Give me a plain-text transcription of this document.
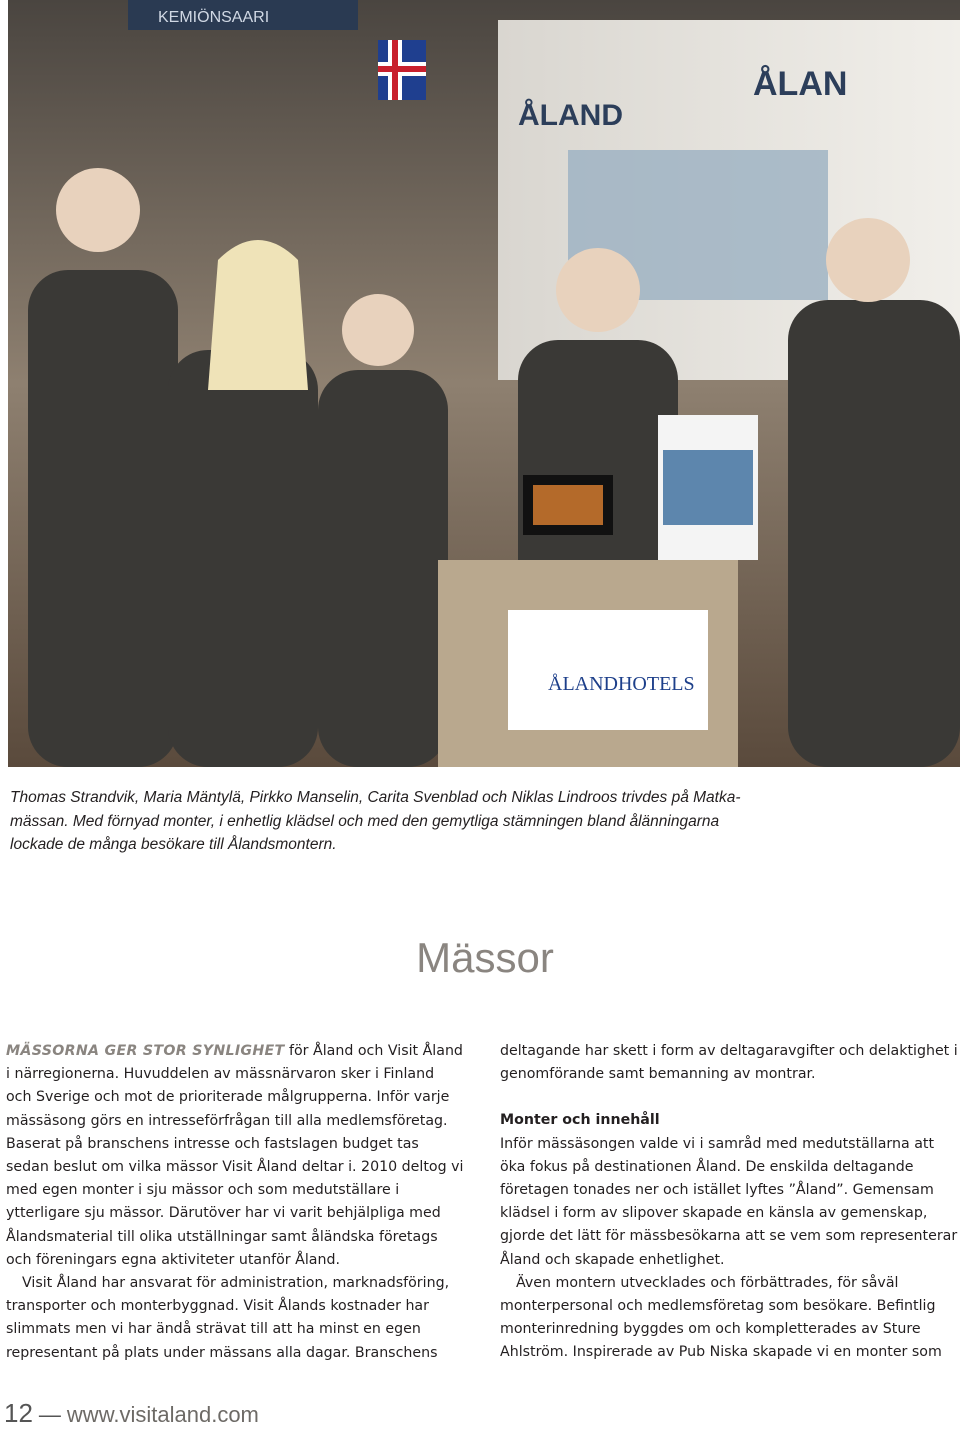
ÅLAND
ÅLAN
KEMIÖNSAARI
ÅLANDHOTELS
Thomas Strandvik, Maria Mäntylä, Pirkko Manselin, Carita Svenblad och Niklas Lindroos trivdes på Matka-
mässan. Med förnyad monter, i enhetlig klädsel och med den gemytliga stämningen bland ålänningarna
lockade de många besökare till Ålandsmontern.
Mässor

MÄSSORNA GER STOR SYNLIGHET för Åland och Visit Åland i närregionerna. Huvuddelen av mässnärvaron sker i Finland och Sverige och mot de prioriterade målgrupperna. Inför varje mässäsong görs en intresseförfrågan till alla medlemsföretag. Baserat på branschens intresse och fastslagen budget tas sedan beslut om vilka mässor Visit Åland deltar i. 2010 deltog vi med egen monter i sju mässor och som medutställare i ytterligare sju mässor. Därutöver har vi varit behjälpliga med Ålandsmaterial till olika utställningar samt åländska företags och föreningars egna aktiviteter utanför Åland.

Visit Åland har ansvarat för administration, marknadsföring, transporter och monterbyggnad. Visit Ålands kostnader har slimmats men vi har ändå strävat till att ha minst en egen representant på plats under mässans alla dagar. Branschens

deltagande har skett i form av deltagaravgifter och delaktighet i genomförande samt bemanning av montrar.

Monter och innehåll

Inför mässäsongen valde vi i samråd med medutställarna att öka fokus på destinationen Åland. De enskilda deltagande företagen tonades ner och istället lyftes ”Åland”. Gemensam klädsel i form av slipover skapade en känsla av gemenskap, gjorde det lätt för mässbesökarna att se vem som representerar Åland och skapade enhetlighet.

Även montern utvecklades och förbättrades, för såväl monterpersonal och medlemsföretag som besökare. Befintlig monterinredning byggdes om och kompletterades av Sture Ahlström. Inspirerade av Pub Niska skapade vi en monter som

12 — www.visitaland.com
